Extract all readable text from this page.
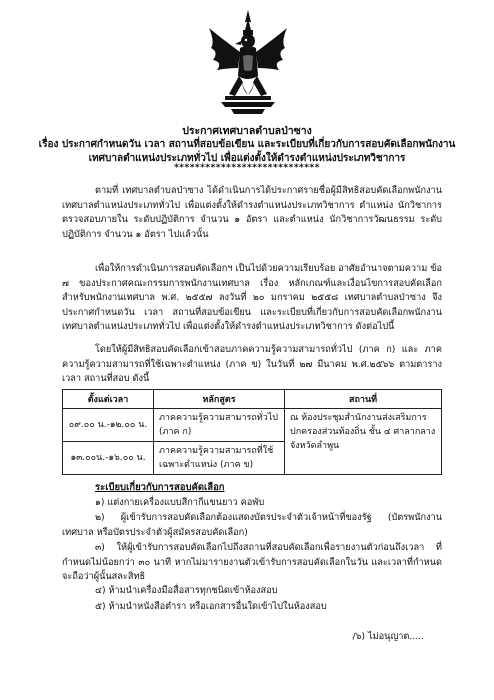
ประกาศเทศบาลตำบลป่าซาง
เรื่อง ประกาศกำหนดวัน เวลา สถานที่สอบข้อเขียน และระเบียบที่เกี่ยวกับการสอบคัดเลือกพนักงาน
เทศบาลตำแหน่งประเภททั่วไป เพื่อแต่งตั้งให้ดำรงตำแหน่งประเภทวิชาการ
****************************

ตามที่ เทศบาลตำบลป่าซาง ได้ดำเนินการได้ประกาศรายชื่อผู้มีสิทธิสอบคัดเลือกพนักงานเทศบาลตำแหน่งประเภททั่วไป เพื่อแต่งตั้งให้ดำรงตำแหน่งประเภทวิชาการ ตำแหน่ง นักวิชาการตรวจสอบภายใน ระดับปฏิบัติการ จำนวน ๑ อัตรา และตำแหน่ง นักวิชาการวัฒนธรรม ระดับปฏิบัติการ จำนวน ๑ อัตรา ไปแล้วนั้น

เพื่อให้การดำเนินการสอบคัดเลือกฯ เป็นไปด้วยความเรียบร้อย อาศัยอำนาจตามความ ข้อ ๗ ของประกาศคณะกรรมการพนักงานเทศบาล เรื่อง หลักเกณฑ์และเงื่อนไขการสอบคัดเลือกสำหรับพนักงานเทศบาล พ.ศ. ๒๕๕๗ ลงวันที่ ๒๐ มกราคม ๒๕๕๘ เทศบาลตำบลป่าซาง จึงประกาศกำหนดวัน เวลา สถานที่สอบข้อเขียน และระเบียบที่เกี่ยวกับการสอบคัดเลือกพนักงานเทศบาลตำแหน่งประเภททั่วไป เพื่อแต่งตั้งให้ดำรงตำแหน่งประเภทวิชาการ ดังต่อไปนี้

โดยให้ผู้มีสิทธิสอบคัดเลือกเข้าสอบภาคความรู้ความสามารถทั่วไป (ภาค ก) และ ภาคความรู้ความสามารถที่ใช้เฉพาะตำแหน่ง (ภาค ข) ในวันที่ ๒๗ มีนาคม พ.ศ.๒๕๖๖ ตามตารางเวลา สถานที่สอบ ดังนี้

ตั้งแต่เวลา	หลักสูตร	สถานที่
๐๙.๐๐ น.-๑๒.๐๐ น.	ภาคความรู้ความสามารถทั่วไป (ภาค ก)	ณ ห้องประชุมสำนักงานส่งเสริมการปกครองส่วนท้องถิ่น ชั้น ๔ ศาลากลางจังหวัดลำพูน
๑๓.๐๐น.-๑๖.๐๐ น.	ภาคความรู้ความสามารถที่ใช้เฉพาะตำแหน่ง (ภาค ข)	
ระเบียบเกี่ยวกับการสอบคัดเลือก
๑) แต่งกายเครื่องแบบสีกากีแขนยาว คอพับ
๒) ผู้เข้ารับการสอบคัดเลือกต้องแสดงบัตรประจำตัวเจ้าหน้าที่ของรัฐ (บัตรพนักงานเทศบาล หรือบัตรประจำตัวผู้สมัครสอบคัดเลือก)
๓) ให้ผู้เข้ารับการสอบคัดเลือกไปถึงสถานที่สอบคัดเลือกเพื่อรายงานตัวก่อนถึงเวลา ที่กำหนดไม่น้อยกว่า ๓๐ นาที หากไม่มารายงานตัวเข้ารับการสอบคัดเลือกในวัน และเวลาที่กำหนดจะถือว่าผู้นั้นสละสิทธิ
๔) ห้ามนำเครื่องมือสื่อสารทุกชนิดเข้าห้องสอบ
๕) ห้ามนำหนังสือตำรา หรือเอกสารอื่นใดเข้าไปในห้องสอบ
/๖) ไม่อนุญาต.....
